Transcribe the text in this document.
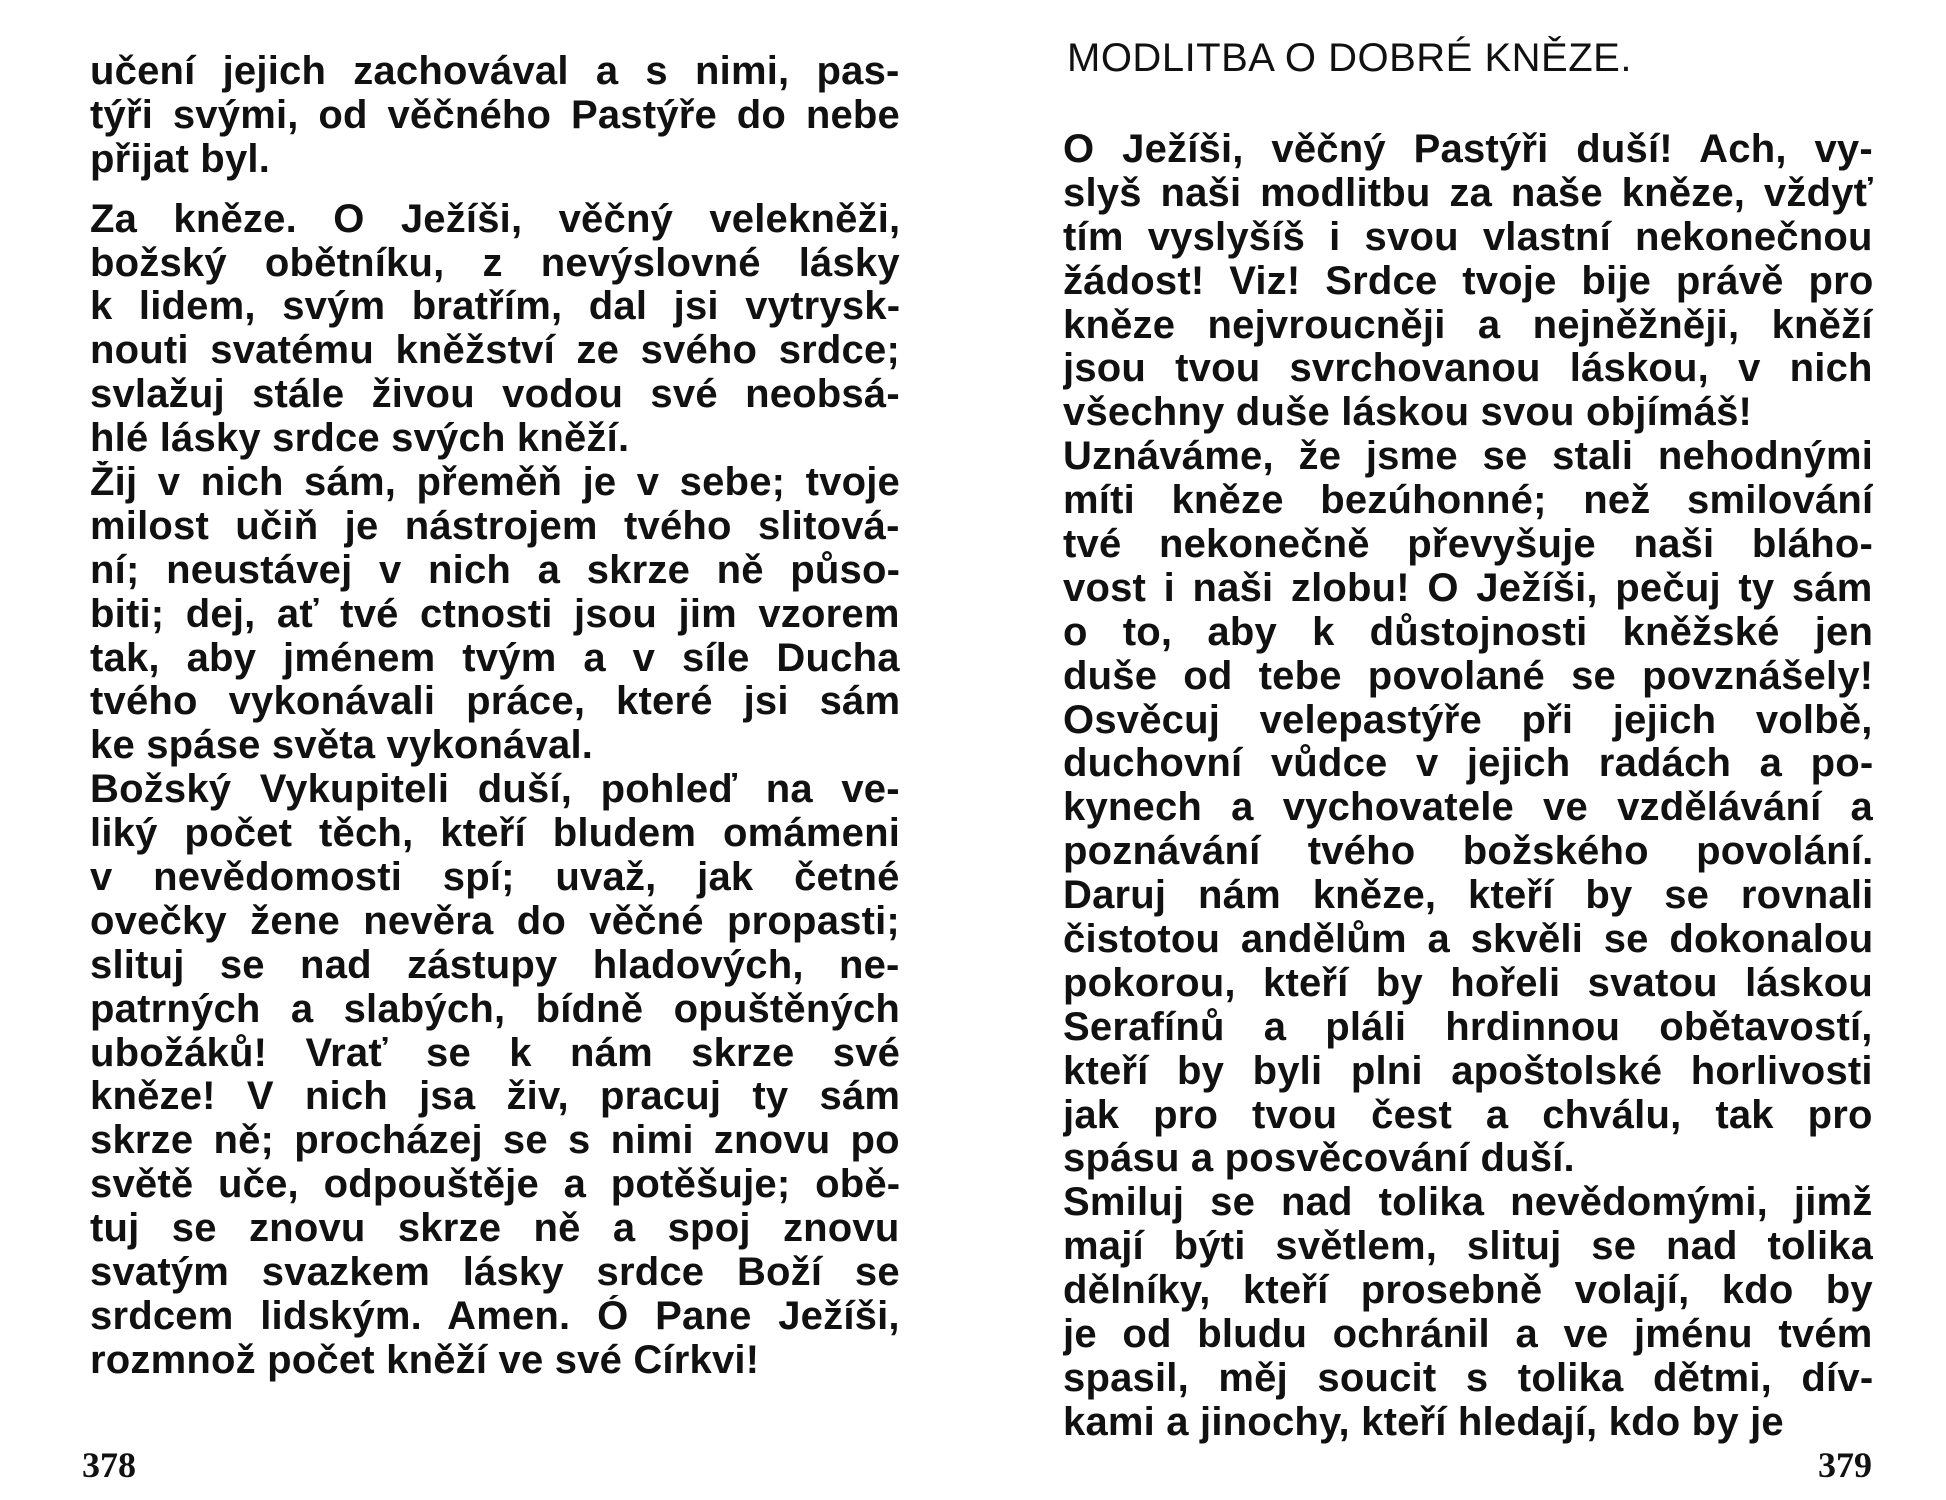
učení jejich zachovával a s nimi, pas-
týři svými, od věčného Pastýře do nebe
přijat byl.
Za kněze. O Ježíši, věčný velekněži,
božský obětníku, z nevýslovné lásky
k lidem, svým bratřím, dal jsi vytrysk-
nouti svatému kněžství ze svého srdce;
svlažuj stále živou vodou své neobsá-
hlé lásky srdce svých kněží.
Žij v nich sám, přeměň je v sebe; tvoje
milost učiň je nástrojem tvého slitová-
ní; neustávej v nich a skrze ně půso-
biti; dej, ať tvé ctnosti jsou jim vzorem
tak, aby jménem tvým a v síle Ducha
tvého vykonávali práce, které jsi sám
ke spáse světa vykonával.
Božský Vykupiteli duší, pohleď na ve-
liký počet těch, kteří bludem omámeni
v nevědomosti spí; uvaž, jak četné
ovečky žene nevěra do věčné propasti;
slituj se nad zástupy hladových, ne-
patrných a slabých, bídně opuštěných
ubožáků! Vrať se k nám skrze své
kněze! V nich jsa živ, pracuj ty sám
skrze ně; procházej se s nimi znovu po
světě uče, odpouštěje a potěšuje; obě-
tuj se znovu skrze ně a spoj znovu
svatým svazkem lásky srdce Boží se
srdcem lidským. Amen. Ó Pane Ježíši,
rozmnož počet kněží ve své Církvi!
378
MODLITBA O DOBRÉ KNĚZE.
O Ježíši, věčný Pastýři duší! Ach, vy-
slyš naši modlitbu za naše kněze, vždyť
tím vyslyšíš i svou vlastní nekonečnou
žádost! Viz! Srdce tvoje bije právě pro
kněze nejvroucněji a nejněžněji, kněží
jsou tvou svrchovanou láskou, v nich
všechny duše láskou svou objímáš!
Uznáváme, že jsme se stali nehodnými
míti kněze bezúhonné; než smilování
tvé nekonečně převyšuje naši bláho-
vost i naši zlobu! O Ježíši, pečuj ty sám
o to, aby k důstojnosti kněžské jen
duše od tebe povolané se povznášely!
Osvěcuj velepastýře při jejich volbě,
duchovní vůdce v jejich radách a po-
kynech a vychovatele ve vzdělávání a
poznávání tvého božského povolání.
Daruj nám kněze, kteří by se rovnali
čistotou andělům a skvěli se dokonalou
pokorou, kteří by hořeli svatou láskou
Serafínů a pláli hrdinnou obětavostí,
kteří by byli plni apoštolské horlivosti
jak pro tvou čest a chválu, tak pro
spásu a posvěcování duší.
Smiluj se nad tolika nevědomými, jimž
mají býti světlem, slituj se nad tolika
dělníky, kteří prosebně volají, kdo by
je od bludu ochránil a ve jménu tvém
spasil, měj soucit s tolika dětmi, dív-
kami a jinochy, kteří hledají, kdo by je
379
